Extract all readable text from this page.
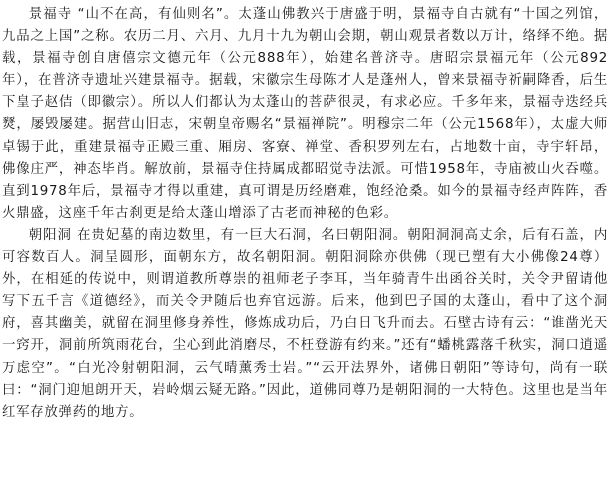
景福寺 “山不在高，有仙则名”。太蓬山佛教兴于唐盛于明，景福寺自古就有“十国之列馆，九品之上国”之称。农历二月、六月、九月十九为朝山会期，朝山观景者数以万计，络绎不绝。据载，景福寺创自唐僖宗文德元年（公元888年），始建名普济寺。唐昭宗景福元年（公元892年），在普济寺遗址兴建景福寺。据载，宋徽宗生母陈才人是蓬州人，曾来景福寺祈嗣降香，后生下皇子赵佶（即徽宗）。所以人们都认为太蓬山的菩萨很灵，有求必应。千多年来，景福寺迭经兵燹，屡毁屡建。据营山旧志，宋朝皇帝赐名“景福禅院”。明穆宗二年（公元1568年），太虚大师卓锡于此，重建景福寺正殿三重、厢房、客寮、禅堂、香积罗列左右，占地数十亩，寺宇轩昂，佛像庄严，神态毕肖。解放前，景福寺住持属成都昭觉寺法派。可惜1958年，寺庙被山火吞噬。直到1978年后，景福寺才得以重建，真可谓是历经磨难，饱经沧桑。如今的景福寺经声阵阵，香火鼎盛，这座千年古刹更是给太蓬山增添了古老而神秘的色彩。

朝阳洞 在贵妃墓的南边数里，有一巨大石洞，名曰朝阳洞。朝阳洞洞高丈余，后有石盖，内可容数百人。洞呈圆形，面朝东方，故名朝阳洞。朝阳洞除亦供佛（现已塑有大小佛像24尊）外，在相延的传说中，则谓道教所尊崇的祖师老子李耳，当年骑青牛出函谷关时，关令尹留请他写下五千言《道德经》，而关令尹随后也弃官远游。后来，他到巴子国的太蓬山，看中了这个洞府，喜其幽美，就留在洞里修身养性，修炼成功后，乃白日飞升而去。石壁古诗有云：“谁凿光天一窍开，洞前所筑雨花台，尘心到此消磨尽，不枉登游有约来。”还有“蟠桃露落千秋实，洞口逍遥万虑空”。“白光冷射朝阳洞，云气晴薰秀士岩。”“云开法界外，诸佛日朝阳”等诗句，尚有一联曰：“洞门迎旭朗开天，岩岭烟云疑无路。”因此，道佛同尊乃是朝阳洞的一大特色。这里也是当年红军存放弹药的地方。
